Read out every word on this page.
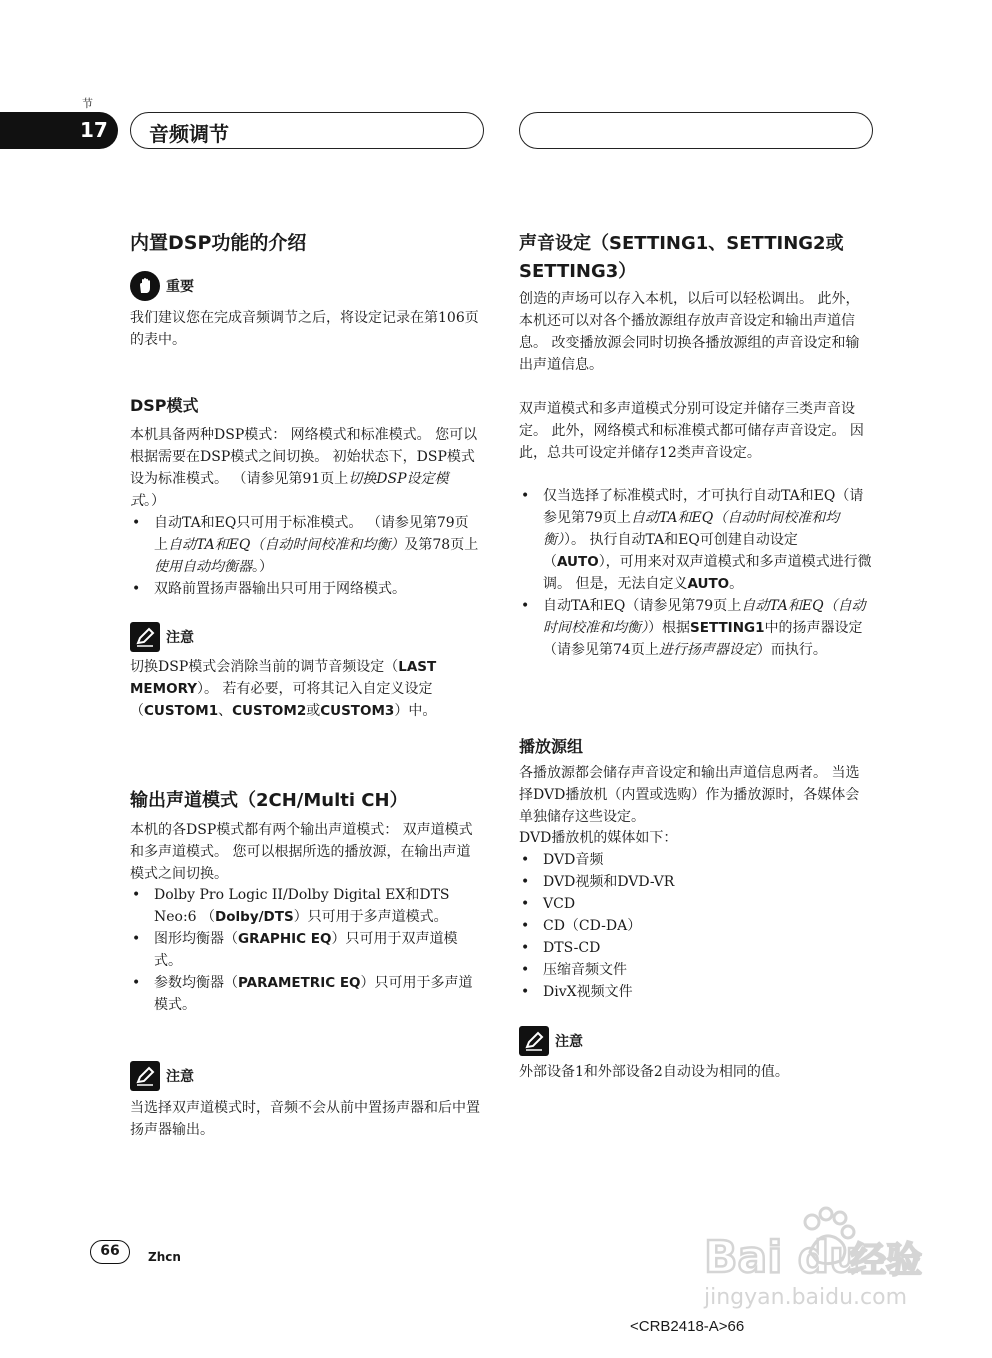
节
17	音频调节
内置DSP功能的介绍
重要
我们建议您在完成音频调节之后，将设定记录在第106页的表中。
DSP模式
本机具备两种DSP模式： 网络模式和标准模式。 您可以根据需要在DSP模式之间切换。 初始状态下，DSP模式设为标准模式。 （请参见第91页上切换DSP设定模式。）
• 自动TA和EQ只可用于标准模式。 （请参见第79页上自动TA和EQ（自动时间校准和均衡）及第78页上使用自动均衡器。）
• 双路前置扬声器输出只可用于网络模式。
注意
切换DSP模式会消除当前的调节音频设定（LAST MEMORY）。 若有必要，可将其记入自定义设定（CUSTOM1、CUSTOM2或CUSTOM3）中。
输出声道模式（2CH/Multi CH）
本机的各DSP模式都有两个输出声道模式： 双声道模式和多声道模式。 您可以根据所选的播放源，在输出声道模式之间切换。
• Dolby Pro Logic II/Dolby Digital EX和DTS Neo:6 （Dolby/DTS）只可用于多声道模式。
• 图形均衡器（GRAPHIC EQ）只可用于双声道模式。
• 参数均衡器（PARAMETRIC EQ）只可用于多声道模式。
注意
当选择双声道模式时，音频不会从前中置扬声器和后中置扬声器输出。
声音设定（SETTING1、SETTING2或SETTING3）
创造的声场可以存入本机，以后可以轻松调出。 此外，本机还可以对各个播放源组存放声音设定和输出声道信息。 改变播放源会同时切换各播放源组的声音设定和输出声道信息。
双声道模式和多声道模式分别可设定并储存三类声音设定。 此外，网络模式和标准模式都可储存声音设定。 因此，总共可设定并储存12类声音设定。
• 仅当选择了标准模式时，才可执行自动TA和EQ（请参见第79页上自动TA和EQ（自动时间校准和均衡））。 执行自动TA和EQ可创建自动设定（AUTO），可用来对双声道模式和多声道模式进行微调。 但是，无法自定义AUTO。
• 自动TA和EQ（请参见第79页上自动TA和EQ（自动时间校准和均衡））根据SETTING1中的扬声器设定（请参见第74页上进行扬声器设定）而执行。
播放源组
各播放源都会储存声音设定和输出声道信息两者。 当选择DVD播放机（内置或选购）作为播放源时，各媒体会单独储存这些设定。
DVD播放机的媒体如下：
• DVD音频
• DVD视频和DVD-VR
• VCD
• CD（CD-DA）
• DTS-CD
• 压缩音频文件
• DivX视频文件
注意
外部设备1和外部设备2自动设为相同的值。
66	Zhcn
<CRB2418-A>66
Bai du
经验
jingyan.baidu.com
